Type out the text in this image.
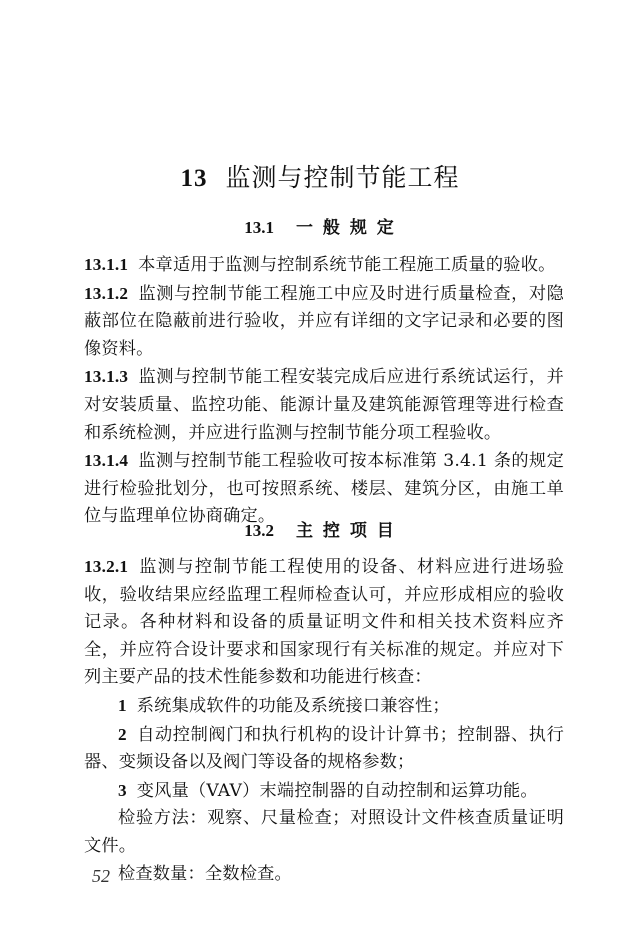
13 监测与控制节能工程
13.1 一 般 规 定

13.1.1 本章适用于监测与控制系统节能工程施工质量的验收。

13.1.2 监测与控制节能工程施工中应及时进行质量检查，对隐蔽部位在隐蔽前进行验收，并应有详细的文字记录和必要的图像资料。

13.1.3 监测与控制节能工程安装完成后应进行系统试运行，并对安装质量、监控功能、能源计量及建筑能源管理等进行检查和系统检测，并应进行监测与控制节能分项工程验收。

13.1.4 监测与控制节能工程验收可按本标准第 3.4.1 条的规定进行检验批划分，也可按照系统、楼层、建筑分区，由施工单位与监理单位协商确定。

13.2 主 控 项 目

13.2.1 监测与控制节能工程使用的设备、材料应进行进场验收，验收结果应经监理工程师检查认可，并应形成相应的验收记录。各种材料和设备的质量证明文件和相关技术资料应齐全，并应符合设计要求和国家现行有关标准的规定。并应对下列主要产品的技术性能参数和功能进行核查：

1 系统集成软件的功能及系统接口兼容性；

2 自动控制阀门和执行机构的设计计算书；控制器、执行器、变频设备以及阀门等设备的规格参数；

3 变风量（VAV）末端控制器的自动控制和运算功能。

检验方法：观察、尺量检查；对照设计文件核查质量证明文件。

检查数量：全数检查。

52
